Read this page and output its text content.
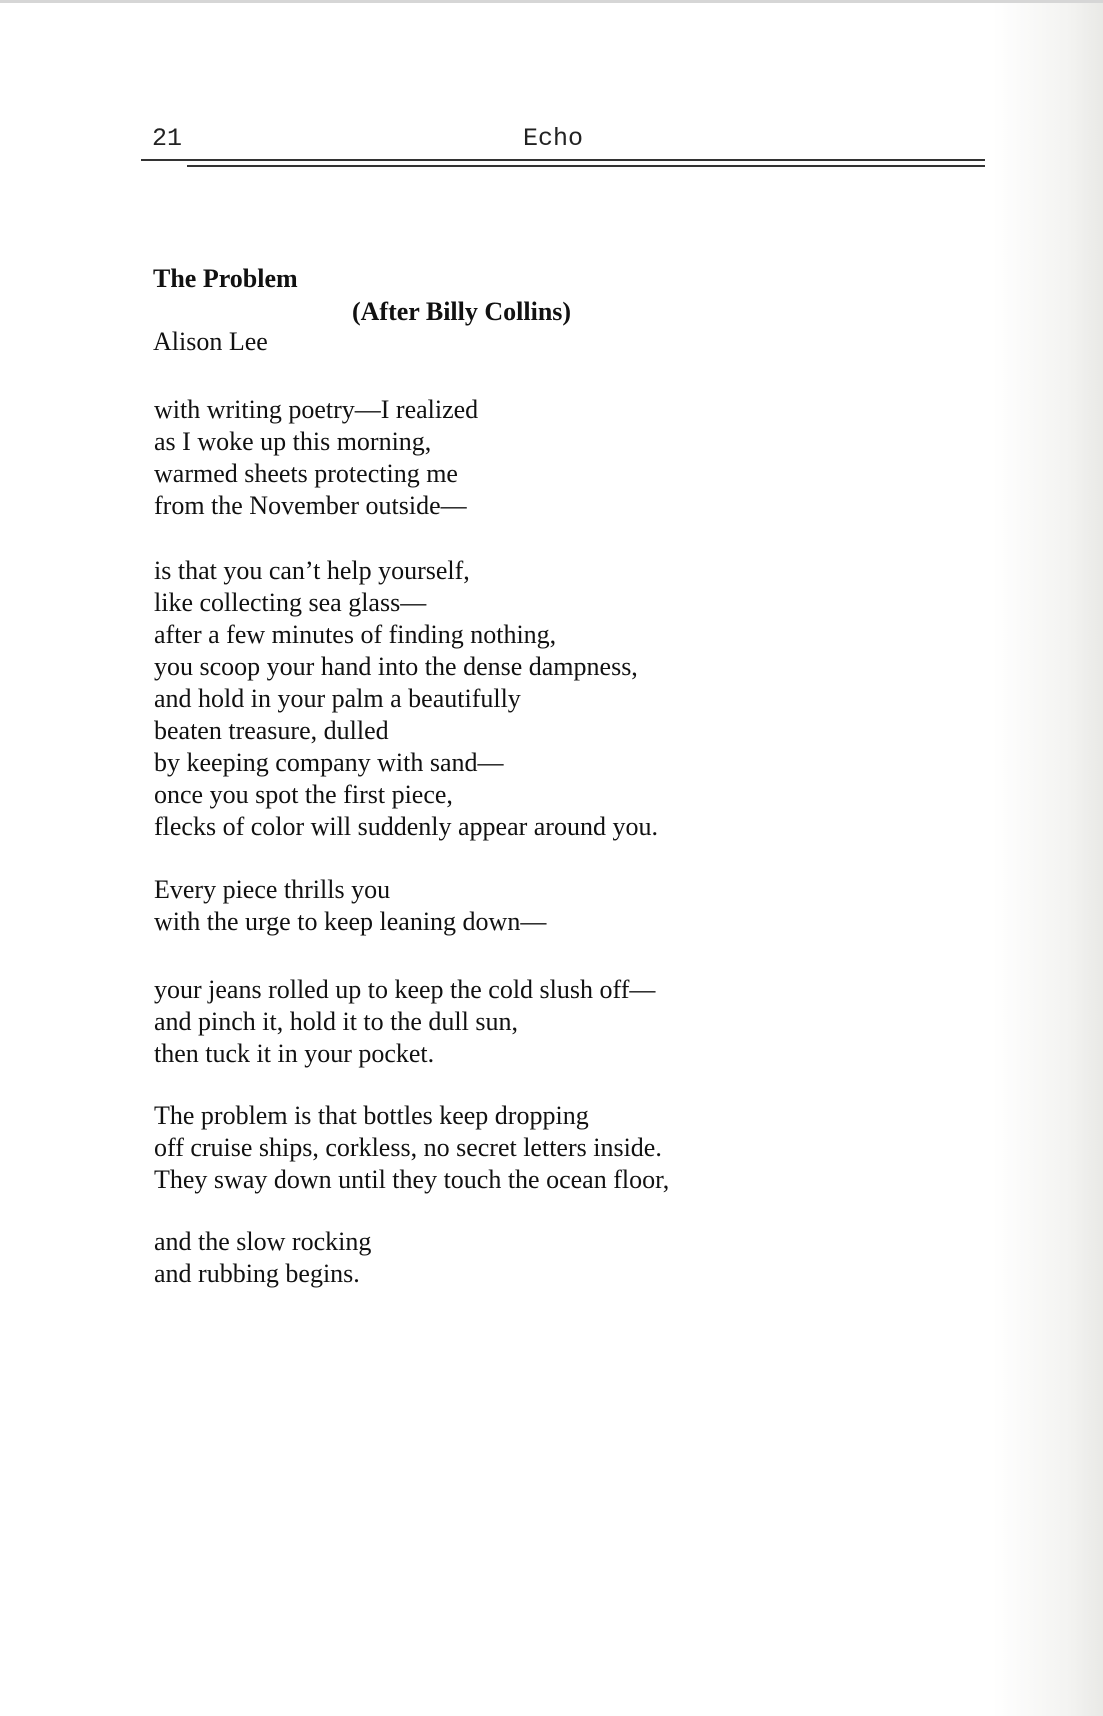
21	Echo
The Problem
(After Billy Collins)
Alison Lee
with writing poetry—I realized
as I woke up this morning,
warmed sheets protecting me
from the November outside—
is that you can’t help yourself,
like collecting sea glass—
after a few minutes of finding nothing,
you scoop your hand into the dense dampness,
and hold in your palm a beautifully
beaten treasure, dulled
by keeping company with sand—
once you spot the first piece,
flecks of color will suddenly appear around you.
Every piece thrills you
with the urge to keep leaning down—
your jeans rolled up to keep the cold slush off—
and pinch it, hold it to the dull sun,
then tuck it in your pocket.
The problem is that bottles keep dropping
off cruise ships, corkless, no secret letters inside.
They sway down until they touch the ocean floor,
and the slow rocking
and rubbing begins.
